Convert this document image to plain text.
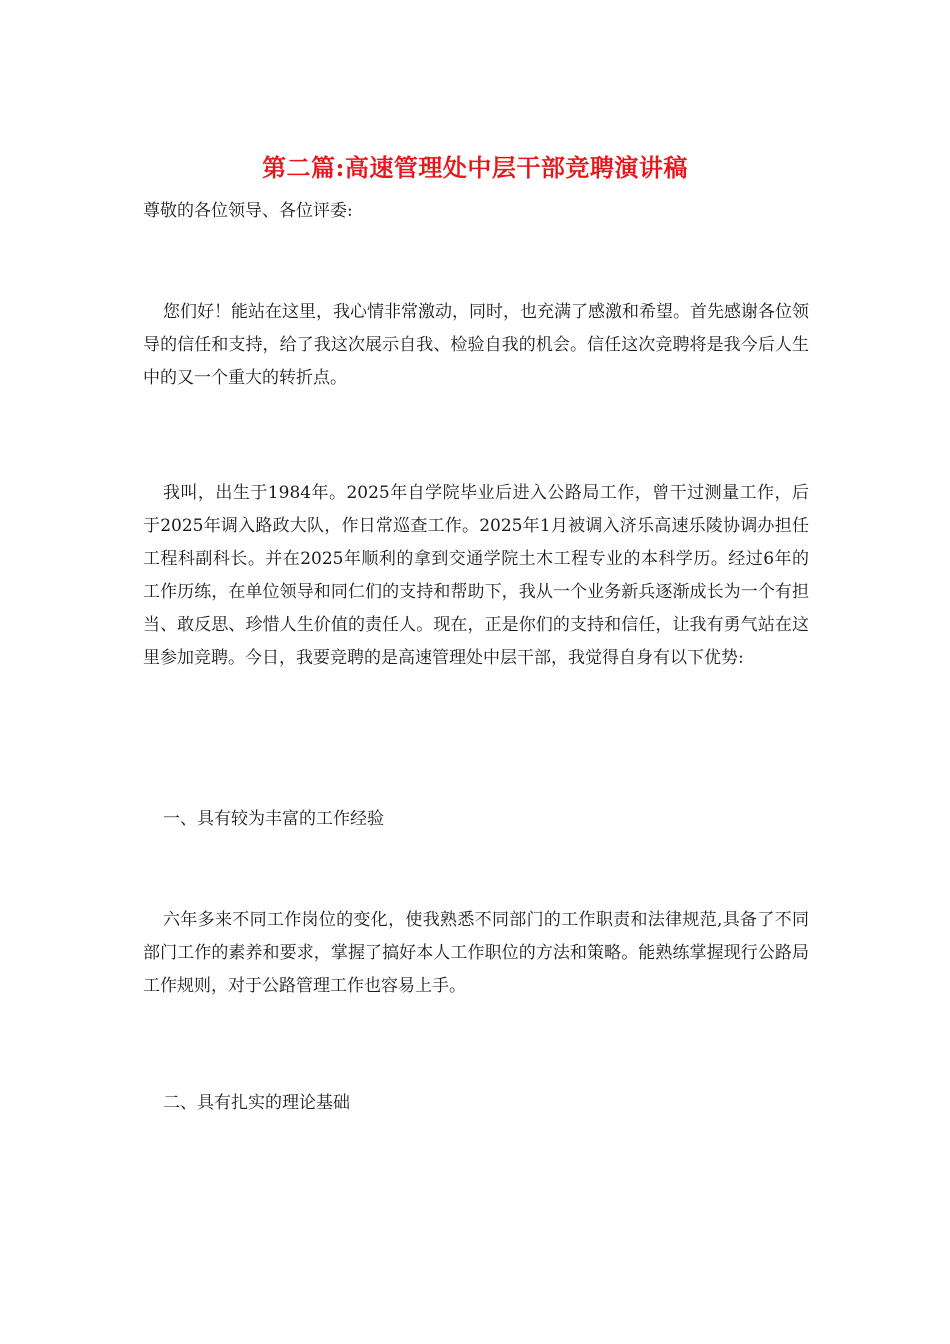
第二篇:高速管理处中层干部竞聘演讲稿
尊敬的各位领导、各位评委:
您们好！能站在这里，我心情非常激动，同时，也充满了感激和希望。首先感谢各位领导的信任和支持，给了我这次展示自我、检验自我的机会。信任这次竞聘将是我今后人生中的又一个重大的转折点。
我叫，出生于1984年。2025年自学院毕业后进入公路局工作，曾干过测量工作，后于2025年调入路政大队，作日常巡查工作。2025年1月被调入济乐高速乐陵协调办担任工程科副科长。并在2025年顺利的拿到交通学院土木工程专业的本科学历。经过6年的工作历练，在单位领导和同仁们的支持和帮助下，我从一个业务新兵逐渐成长为一个有担当、敢反思、珍惜人生价值的责任人。现在，正是你们的支持和信任，让我有勇气站在这里参加竞聘。今日，我要竞聘的是高速管理处中层干部，我觉得自身有以下优势:
一、具有较为丰富的工作经验
六年多来不同工作岗位的变化，使我熟悉不同部门的工作职责和法律规范,具备了不同部门工作的素养和要求，掌握了搞好本人工作职位的方法和策略。能熟练掌握现行公路局工作规则，对于公路管理工作也容易上手。
二、具有扎实的理论基础
